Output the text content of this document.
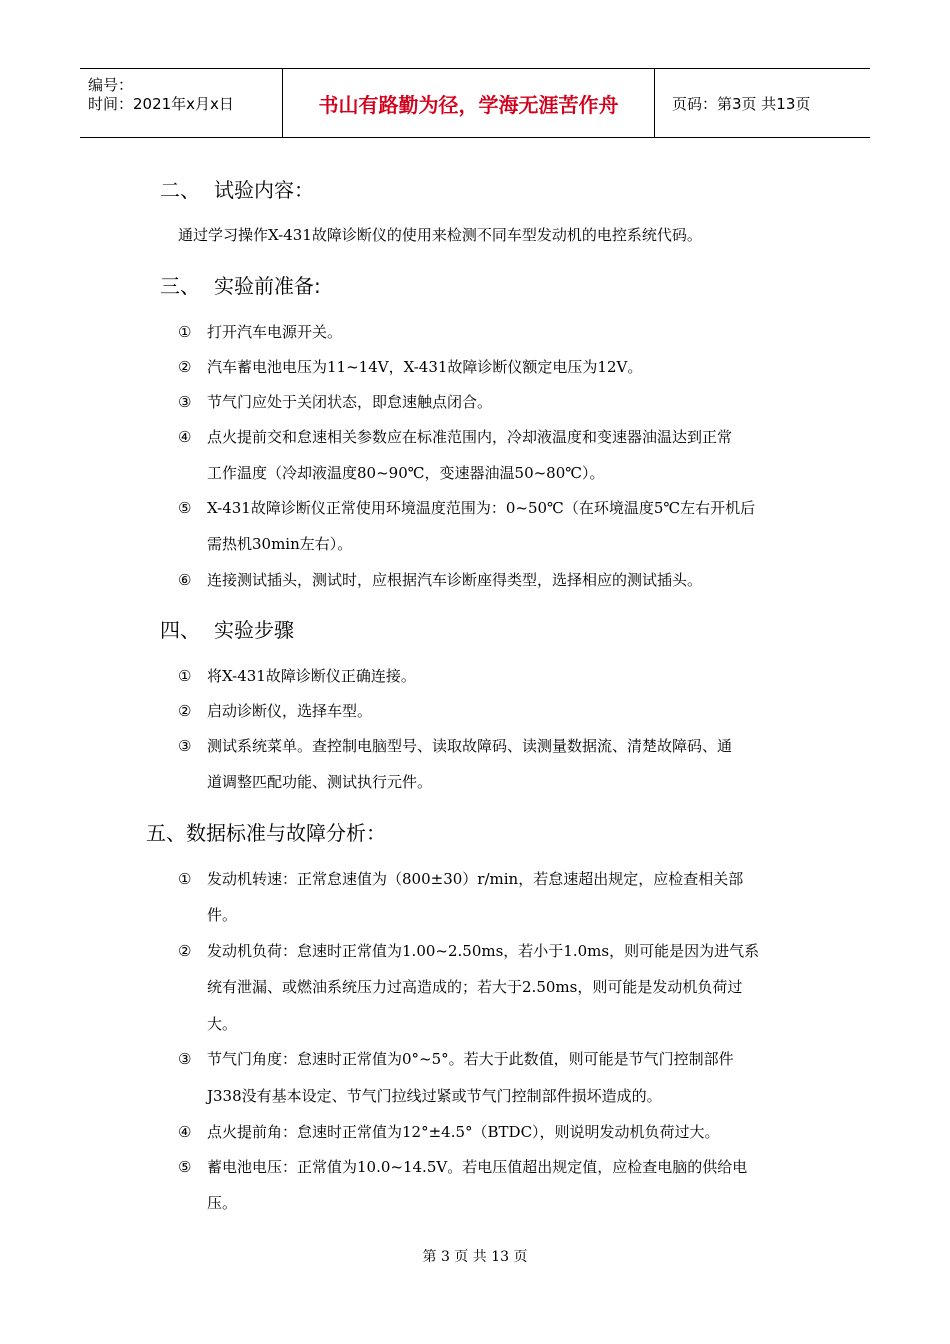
编号：
时间：2021年x月x日	书山有路勤为径，学海无涯苦作舟	页码：第3页 共13页
二、 试验内容：
通过学习操作X-431故障诊断仪的使用来检测不同车型发动机的电控系统代码。
三、 实验前准备:
① 打开汽车电源开关。
② 汽车蓄电池电压为11~14V，X-431故障诊断仪额定电压为12V。
③ 节气门应处于关闭状态，即怠速触点闭合。
④ 点火提前交和怠速相关参数应在标准范围内，冷却液温度和变速器油温达到正常
工作温度（冷却液温度80~90℃，变速器油温50~80℃）。
⑤ X-431故障诊断仪正常使用环境温度范围为：0~50℃（在环境温度5℃左右开机后
需热机30min左右）。
⑥ 连接测试插头，测试时，应根据汽车诊断座得类型，选择相应的测试插头。
四、 实验步骤
① 将X-431故障诊断仪正确连接。
② 启动诊断仪，选择车型。
③ 测试系统菜单。查控制电脑型号、读取故障码、读测量数据流、清楚故障码、通
道调整匹配功能、测试执行元件。
五、数据标准与故障分析：
① 发动机转速：正常怠速值为（800±30）r/min，若怠速超出规定，应检查相关部
件。
② 发动机负荷：怠速时正常值为1.00~2.50ms，若小于1.0ms，则可能是因为进气系
统有泄漏、或燃油系统压力过高造成的；若大于2.50ms，则可能是发动机负荷过
大。
③ 节气门角度：怠速时正常值为0°~5°。若大于此数值，则可能是节气门控制部件
J338没有基本设定、节气门拉线过紧或节气门控制部件损坏造成的。
④ 点火提前角：怠速时正常值为12°±4.5°（BTDC），则说明发动机负荷过大。
⑤ 蓄电池电压：正常值为10.0~14.5V。若电压值超出规定值，应检查电脑的供给电
压。
第 3 页 共 13 页
